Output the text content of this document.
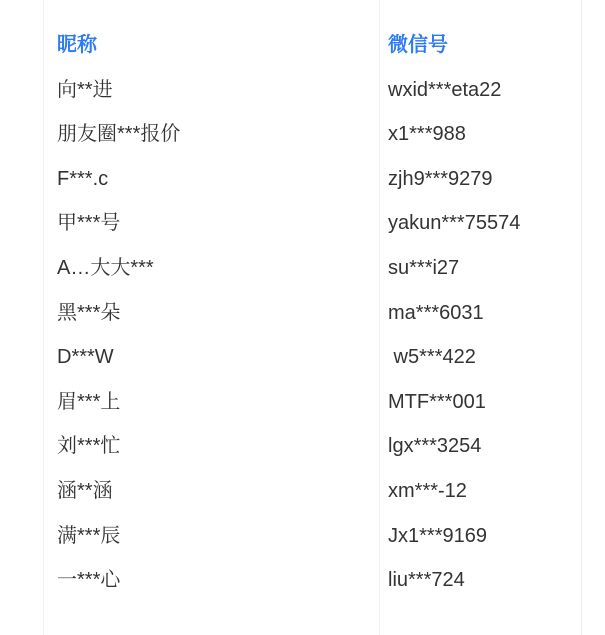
昵称	微信号
向**进	wxid***eta22
朋友圈***报价	x1***988
F***.c	zjh9***9279
甲***号	yakun***75574
A…大大***	su***i27
黑***朵	ma***6031
D***W	w5***422
眉***上	MTF***001
刘***忙	lgx***3254
涵**涵	xm***-12
满***辰	Jx1***9169
一***心	liu***724
